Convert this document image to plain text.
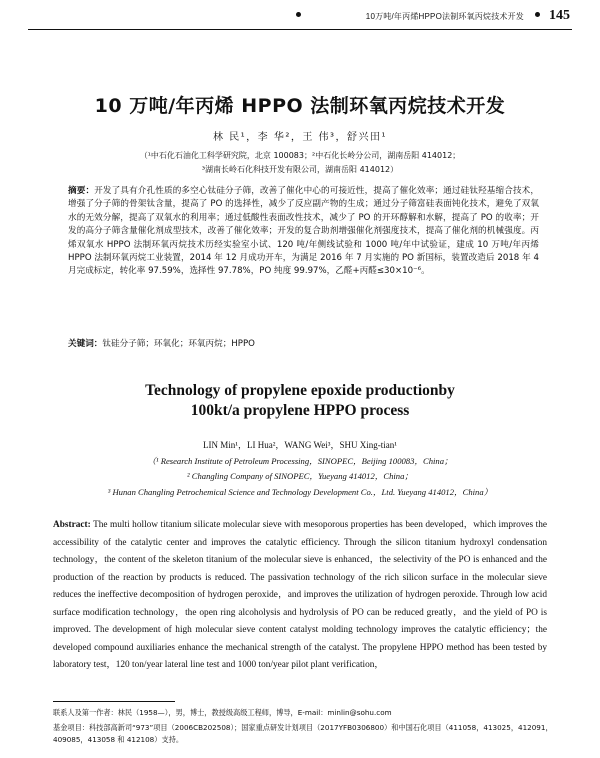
10万吨/年丙烯HPPO法制环氧丙烷技术开发 145
10 万吨/年丙烯 HPPO 法制环氧丙烷技术开发
林 民¹，李 华²，王 伟³，舒兴田¹
（¹中石化石油化工科学研究院，北京 100083；²中石化长岭分公司，湖南岳阳 414012；
³湖南长岭石化科技开发有限公司，湖南岳阳 414012）
摘要：开发了具有介孔性质的多空心钛硅分子筛，改善了催化中心的可接近性，提高了催化效率；通过硅钛羟基缩合技术，增强了分子筛的骨架钛含量，提高了 PO 的选择性，减少了反应副产物的生成；通过分子筛富硅表面钝化技术，避免了双氧水的无效分解，提高了双氧水的利用率；通过低酸性表面改性技术，减少了 PO 的开环醇解和水解，提高了 PO 的收率；开发的高分子筛含量催化剂成型技术，改善了催化效率；开发的复合助剂增强催化剂强度技术，提高了催化剂的机械强度。丙烯双氧水 HPPO 法制环氧丙烷技术历经实验室小试、120 吨/年侧线试验和 1000 吨/年中试验证，建成 10 万吨/年丙烯 HPPO 法制环氧丙烷工业装置，2014 年 12 月成功开车，为满足 2016 年 7 月实施的 PO 新国标，装置改造后 2018 年 4 月完成标定，转化率 97.59%，选择性 97.78%，PO 纯度 99.97%，乙醛+丙醛≤30×10⁻⁶。
关键词：钛硅分子筛；环氧化；环氧丙烷；HPPO
Technology of propylene epoxide productionby
100kt/a propylene HPPO process
LIN Min¹，LI Hua²，WANG Wei³，SHU Xing-tian¹
（¹ Research Institute of Petroleum Processing，SINOPEC，Beijing 100083，China；
² Changling Company of SINOPEC，Yueyang 414012，China；
³ Hunan Changling Petrochemical Science and Technology Development Co.，Ltd. Yueyang 414012，China）
Abstract: The multi hollow titanium silicate molecular sieve with mesoporous properties has been developed，which improves the accessibility of the catalytic center and improves the catalytic efficiency. Through the silicon titanium hydroxyl condensation technology，the content of the skeleton titanium of the molecular sieve is enhanced，the selectivity of the PO is enhanced and the production of the reaction by products is reduced. The passivation technology of the rich silicon surface in the molecular sieve reduces the ineffective decomposition of hydrogen peroxide，and improves the utilization of hydrogen peroxide. Through low acid surface modification technology，the open ring alcoholysis and hydrolysis of PO can be reduced greatly，and the yield of PO is improved. The development of high molecular sieve content catalyst molding technology improves the catalytic efficiency；the developed compound auxiliaries enhance the mechanical strength of the catalyst. The propylene HPPO method has been tested by laboratory test，120 ton/year lateral line test and 1000 ton/year pilot plant verification，
联系人及第一作者：林民（1958—），男，博士，教授级高级工程师，博导，E-mail：minlin@sohu.com
基金项目：科技部高新司“973”项目（2006CB202508）；国家重点研发计划项目（2017YFB0306800）和中国石化项目（411058，413025，412091，409085，413058 和 412108）支持。
